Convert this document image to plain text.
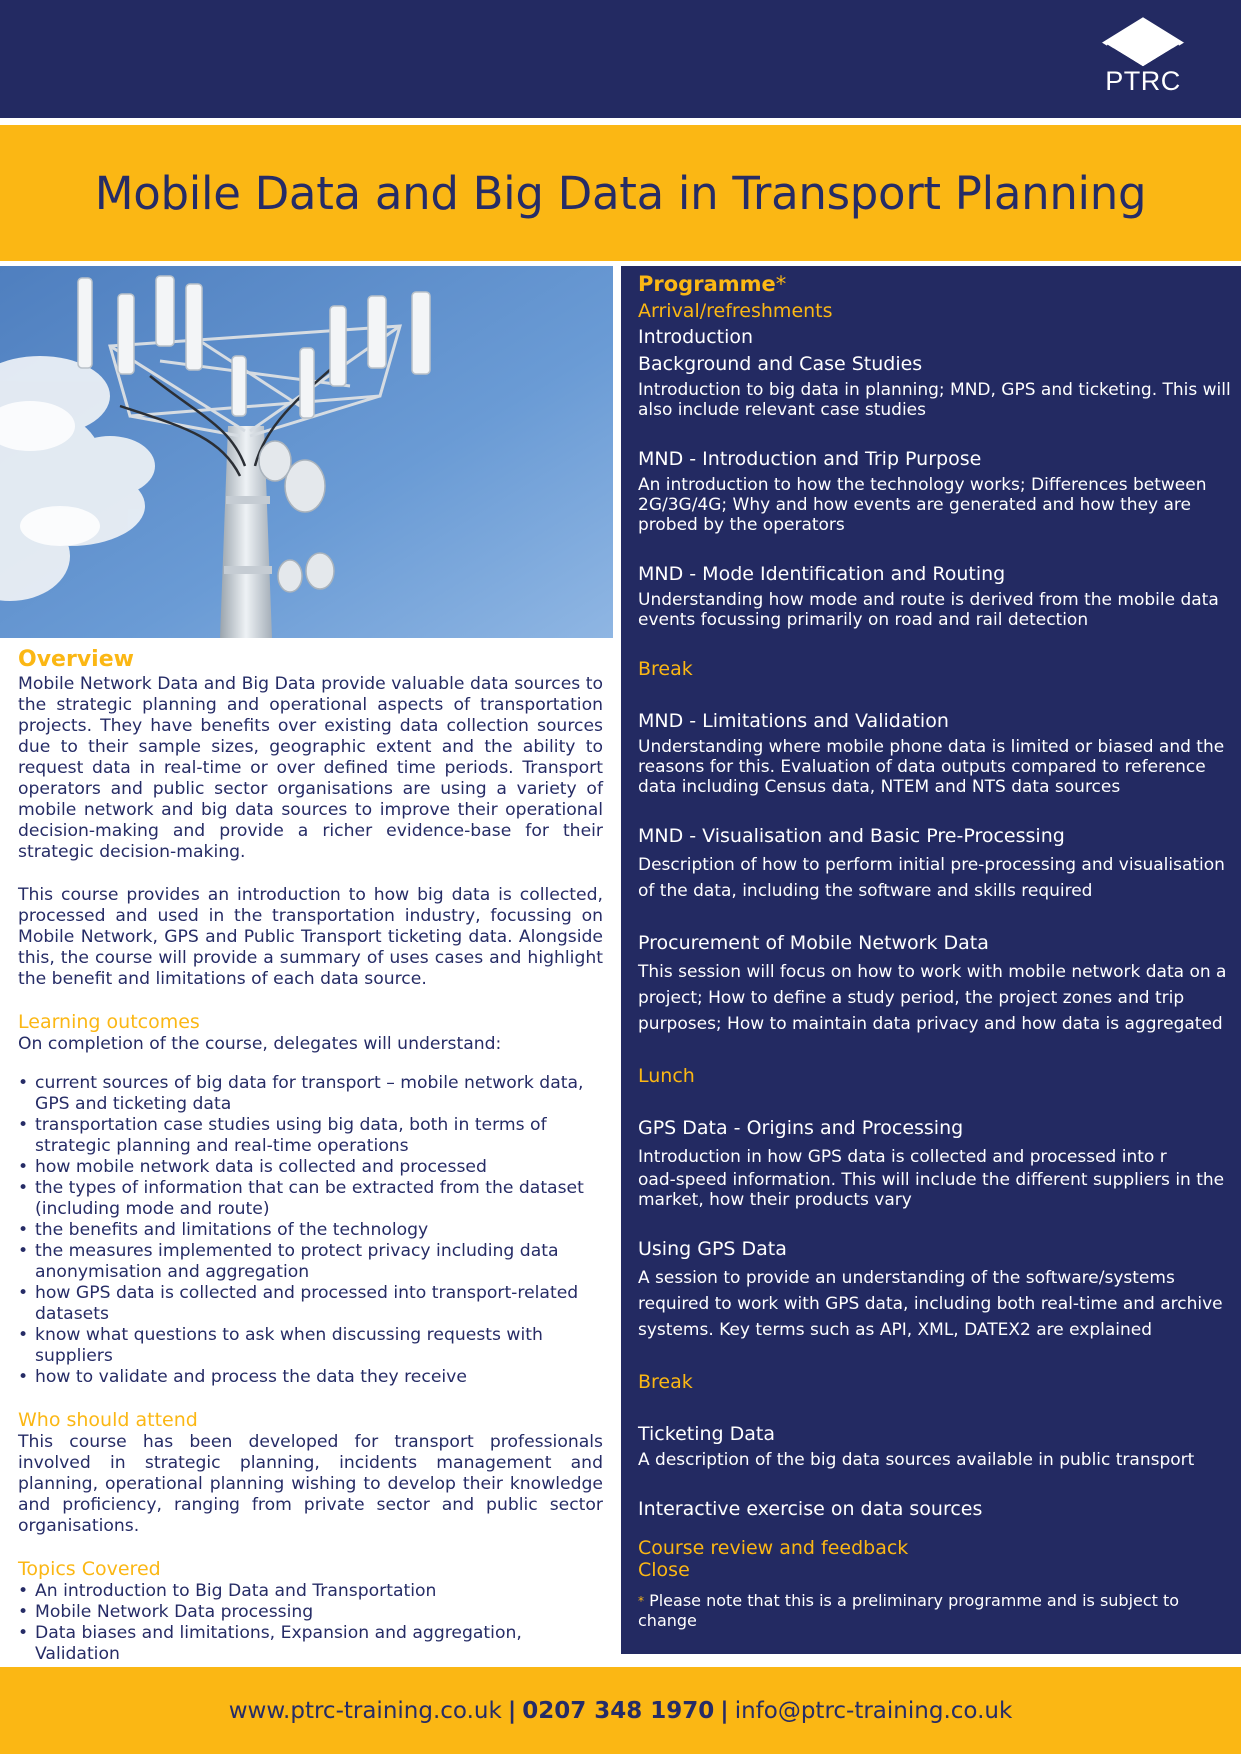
PTRC
Mobile Data and Big Data in Transport Planning
Overview

Mobile Network Data and Big Data provide valuable data sources to the strategic planning and operational aspects of transportation projects. They have benefits over existing data collection sources due to their sample sizes, geographic extent and the ability to request data in real-time or over defined time periods. Transport operators and public sector organisations are using a variety of mobile network and big data sources to improve their operational decision-making and provide a richer evidence-base for their strategic decision-making.

This course provides an introduction to how big data is collected, processed and used in the transportation industry, focussing on Mobile Network, GPS and Public Transport ticketing data. Alongside this, the course will provide a summary of uses cases and highlight the benefit and limitations of each data source.

Learning outcomes
On completion of the course, delegates will understand:
• current sources of big data for transport – mobile network data, GPS and ticketing data
• transportation case studies using big data, both in terms of strategic planning and real-time operations
• how mobile network data is collected and processed
• the types of information that can be extracted from the dataset (including mode and route)
• the benefits and limitations of the technology
• the measures implemented to protect privacy including data anonymisation and aggregation
• how GPS data is collected and processed into transport-related datasets
• know what questions to ask when discussing requests with suppliers
• how to validate and process the data they receive
Who should attend

This course has been developed for transport professionals involved in strategic planning, incidents management and planning, operational planning wishing to develop their knowledge and proficiency, ranging from private sector and public sector organisations.

Topics Covered
• An introduction to Big Data and Transportation
• Mobile Network Data processing
• Data biases and limitations, Expansion and aggregation, Validation
•
•
Programme*
Arrival/refreshments
Introduction
Background and Case Studies
Introduction to big data in planning; MND, GPS and ticketing. This will also include relevant case studies
MND - Introduction and Trip Purpose
An introduction to how the technology works; Differences between 2G/3G/4G; Why and how events are generated and how they are probed by the operators
MND - Mode Identification and Routing
Understanding how mode and route is derived from the mobile data events focussing primarily on road and rail detection
Break
MND - Limitations and Validation
Understanding where mobile phone data is limited or biased and the reasons for this. Evaluation of data outputs compared to reference data including Census data, NTEM and NTS data sources
MND - Visualisation and Basic Pre-Processing
Description of how to perform initial pre-processing and visualisation of the data, including the software and skills required
Procurement of Mobile Network Data
This session will focus on how to work with mobile network data on a project; How to define a study period, the project zones and trip purposes; How to maintain data privacy and how data is aggregated
Lunch
GPS Data - Origins and Processing
Introduction in how GPS data is collected and processed into r
oad-speed information. This will include the different suppliers in the market, how their products vary
Using GPS Data
A session to provide an understanding of the software/systems required to work with GPS data, including both real-time and archive systems. Key terms such as API, XML, DATEX2 are explained
Break
Ticketing Data
A description of the big data sources available in public transport
Interactive exercise on data sources
Course review and feedback
Close
* Please note that this is a preliminary programme and is subject to change
www.ptrc-training.co.uk | 0207 348 1970 | info@ptrc-training.co.uk
